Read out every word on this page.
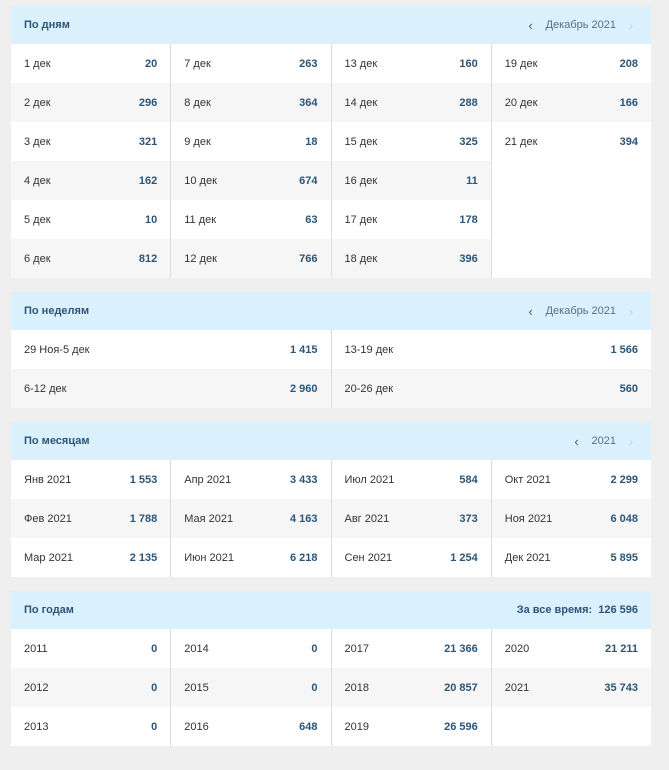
По дням	‹	Декабрь 2021 ›
1 дек	20
2 дек	296
3 дек	321
4 дек	162
5 дек	10
6 дек	812
7 дек	263
8 дек	364
9 дек	18
10 дек	674
11 дек	63
12 дек	766
13 дек	160
14 дек	288
15 дек	325
16 дек	11
17 дек	178
18 дек	396
19 дек	208
20 дек	166
21 дек	394
По неделям	‹	Декабрь 2021 ›
29 Ноя-5 дек	1 415
6-12 дек	2 960
13-19 дек	1 566
20-26 дек	560
По месяцам	‹	2021 ›
Янв 2021	1 553
Фев 2021	1 788
Мар 2021	2 135
Апр 2021	3 433
Мая 2021	4 163
Июн 2021	6 218
Июл 2021	584
Авг 2021	373
Сен 2021	1 254
Окт 2021	2 299
Ноя 2021	6 048
Дек 2021	5 895
По годам	За все время: 126 596
2011	0
2012	0
2013	0
2014	0
2015	0
2016	648
2017	21 366
2018	20 857
2019	26 596
2020	21 211
2021	35 743
